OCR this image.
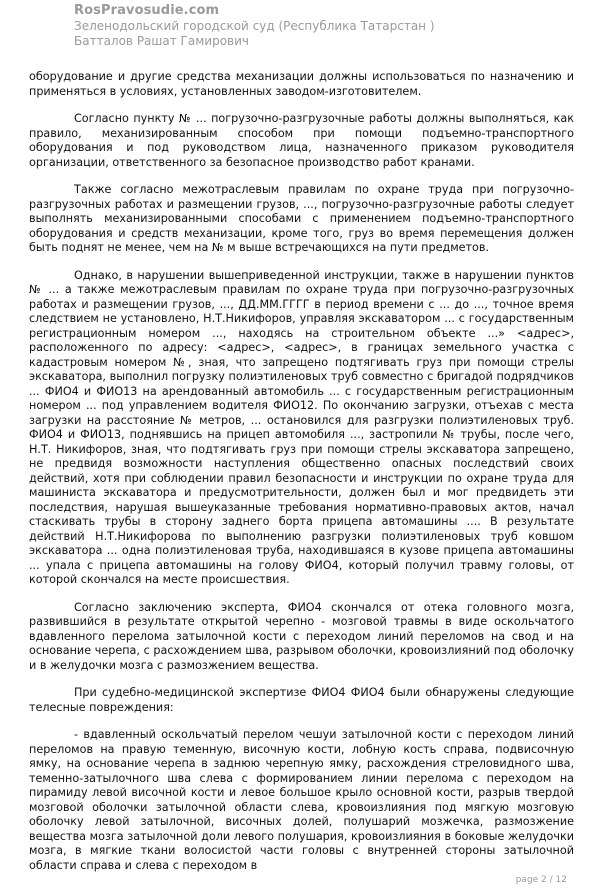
RosPravosudie.com
Зеленодольский городской суд (Республика Татарстан )
Батталов Рашат Гамирович

оборудование и другие средства механизации должны использоваться по назначению и применяться в условиях, установленных заводом-изготовителем.

Согласно пункту № ... погрузочно-разгрузочные работы должны выполняться, как правило, механизированным способом при помощи подъемно-транспортного оборудования и под руководством лица, назначенного приказом руководителя организации, ответственного за безопасное производство работ кранами.

Также согласно межотраслевым правилам по охране труда при погрузочно-разгрузочных работах и размещении грузов, ..., погрузочно-разгрузочные работы следует выполнять механизированными способами с применением подъемно-транспортного оборудования и средств механизации, кроме того, груз во время перемещения должен быть поднят не менее, чем на № м выше встречающихся на пути предметов.

Однако, в нарушении вышеприведенной инструкции, также в нарушении пунктов № ... а также межотраслевым правилам по охране труда при погрузочно-разгрузочных работах и размещении грузов, ..., ДД.ММ.ГГГГ в период времени с ... до ..., точное время следствием не установлено, Н.Т.Никифоров, управляя экскаватором ... с государственным регистрационным номером ..., находясь на строительном объекте ...» <адрес>, расположенного по адресу: <адрес>, <адрес>, в границах земельного участка с кадастровым номером №, зная, что запрещено подтягивать груз при помощи стрелы экскаватора, выполнил погрузку полиэтиленовых труб совместно с бригадой подрядчиков ... ФИО4 и ФИО13 на арендованный автомобиль ... с государственным регистрационным номером ... под управлением водителя ФИО12. По окончанию загрузки, отъехав с места загрузки на расстояние № метров, ... остановился для разгрузки полиэтиленовых труб. ФИО4 и ФИО13, поднявшись на прицеп автомобиля ..., застропили № трубы, после чего, Н.Т. Никифоров, зная, что подтягивать груз при помощи стрелы экскаватора запрещено, не предвидя возможности наступления общественно опасных последствий своих действий, хотя при соблюдении правил безопасности и инструкции по охране труда для машиниста экскаватора и предусмотрительности, должен был и мог предвидеть эти последствия, нарушая вышеуказанные требования нормативно-правовых актов, начал стаскивать трубы в сторону заднего борта прицепа автомашины .... В результате действий Н.Т.Никифорова по выполнению разгрузки полиэтиленовых труб ковшом экскаватора ... одна полиэтиленовая труба, находившаяся в кузове прицепа автомашины ... упала с прицепа автомашины на голову ФИО4, который получил травму головы, от которой скончался на месте происшествия.

Согласно заключению эксперта, ФИО4 скончался от отека головного мозга, развившийся в результате открытой черепно - мозговой травмы в виде оскольчатого вдавленного перелома затылочной кости с переходом линий переломов на свод и на основание черепа, с расхождением шва, разрывом оболочки, кровоизлияний под оболочку и в желудочки мозга с размозжением вещества.

При судебно-медицинской экспертизе ФИО4 ФИО4 были обнаружены следующие телесные повреждения:

- вдавленный оскольчатый перелом чешуи затылочной кости с переходом линий переломов на правую теменную, височную кости, лобную кость справа, подвисочную ямку, на основание черепа в заднюю черепную ямку, расхождения стреловидного шва, теменно-затылочного шва слева с формированием линии перелома с переходом на пирамиду левой височной кости и левое большое крыло основной кости, разрыв твердой мозговой оболочки затылочной области слева, кровоизлияния под мягкую мозговую оболочку левой затылочной, височных долей, полушарий мозжечка, размозжение вещества мозга затылочной доли левого полушария, кровоизлияния в боковые желудочки мозга, в мягкие ткани волосистой части головы с внутренней стороны затылочной области справа и слева с переходом в

page 2 / 12
